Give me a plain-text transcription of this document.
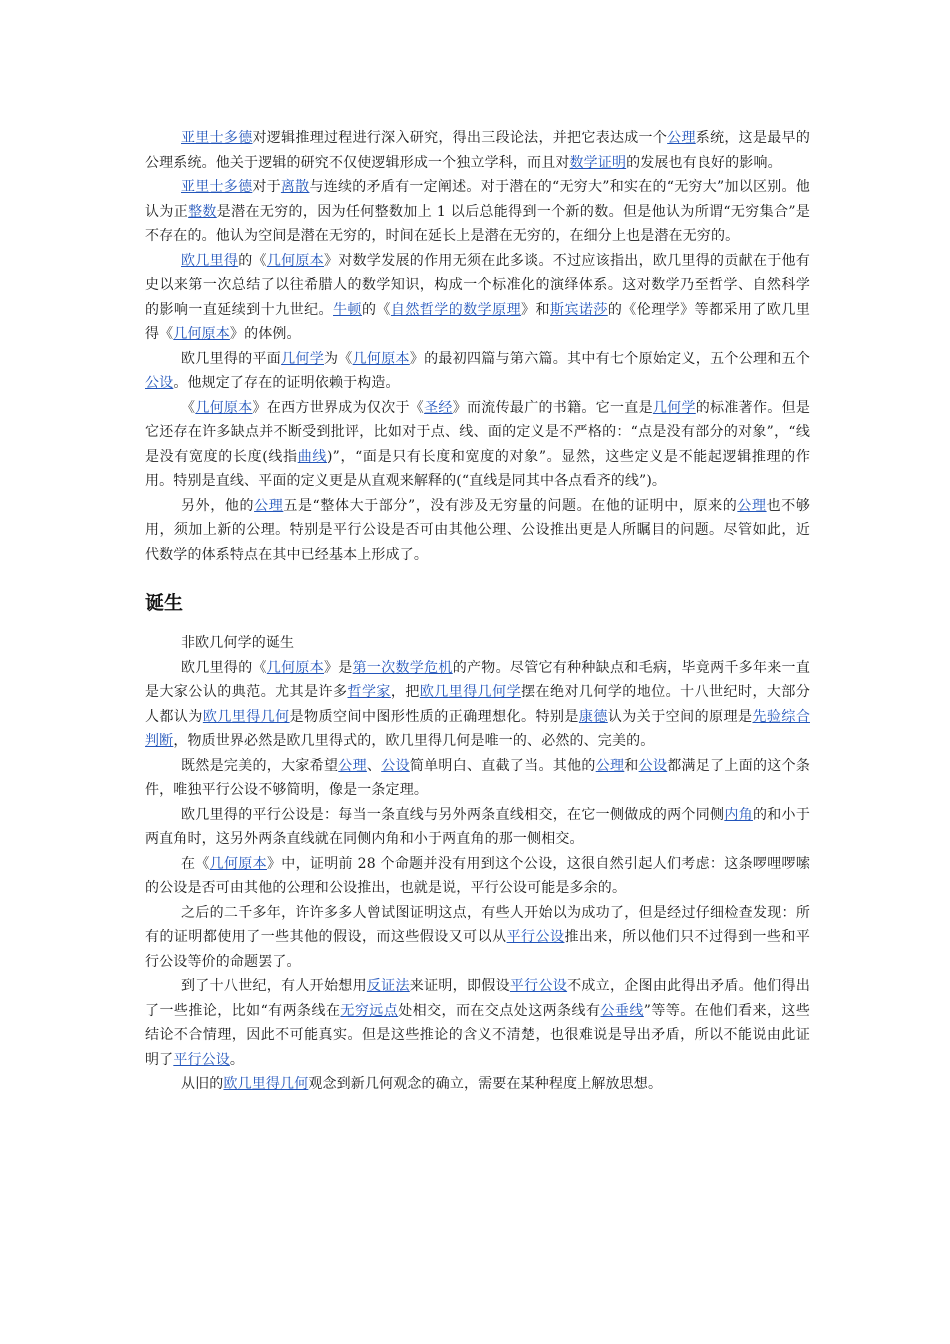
亚里士多德对逻辑推理过程进行深入研究，得出三段论法，并把它表达成一个公理系统，这是最早的公理系统。他关于逻辑的研究不仅使逻辑形成一个独立学科，而且对数学证明的发展也有良好的影响。

亚里士多德对于离散与连续的矛盾有一定阐述。对于潜在的“无穷大”和实在的“无穷大”加以区别。他认为正整数是潜在无穷的，因为任何整数加上 1 以后总能得到一个新的数。但是他认为所谓“无穷集合”是不存在的。他认为空间是潜在无穷的，时间在延长上是潜在无穷的，在细分上也是潜在无穷的。

欧几里得的《几何原本》对数学发展的作用无须在此多谈。不过应该指出，欧几里得的贡献在于他有史以来第一次总结了以往希腊人的数学知识，构成一个标准化的演绎体系。这对数学乃至哲学、自然科学的影响一直延续到十九世纪。牛顿的《自然哲学的数学原理》和斯宾诺莎的《伦理学》等都采用了欧几里得《几何原本》的体例。

欧几里得的平面几何学为《几何原本》的最初四篇与第六篇。其中有七个原始定义，五个公理和五个公设。他规定了存在的证明依赖于构造。

《几何原本》在西方世界成为仅次于《圣经》而流传最广的书籍。它一直是几何学的标准著作。但是它还存在许多缺点并不断受到批评，比如对于点、线、面的定义是不严格的：“点是没有部分的对象”，“线是没有宽度的长度(线指曲线)”，“面是只有长度和宽度的对象”。显然，这些定义是不能起逻辑推理的作用。特别是直线、平面的定义更是从直观来解释的(“直线是同其中各点看齐的线”)。

另外，他的公理五是“整体大于部分”，没有涉及无穷量的问题。在他的证明中，原来的公理也不够用，须加上新的公理。特别是平行公设是否可由其他公理、公设推出更是人所瞩目的问题。尽管如此，近代数学的体系特点在其中已经基本上形成了。

诞生

非欧几何学的诞生

欧几里得的《几何原本》是第一次数学危机的产物。尽管它有种种缺点和毛病，毕竟两千多年来一直是大家公认的典范。尤其是许多哲学家，把欧几里得几何学摆在绝对几何学的地位。十八世纪时，大部分人都认为欧几里得几何是物质空间中图形性质的正确理想化。特别是康德认为关于空间的原理是先验综合判断，物质世界必然是欧几里得式的，欧几里得几何是唯一的、必然的、完美的。

既然是完美的，大家希望公理、公设简单明白、直截了当。其他的公理和公设都满足了上面的这个条件，唯独平行公设不够简明，像是一条定理。

欧几里得的平行公设是：每当一条直线与另外两条直线相交，在它一侧做成的两个同侧内角的和小于两直角时，这另外两条直线就在同侧内角和小于两直角的那一侧相交。

在《几何原本》中，证明前 28 个命题并没有用到这个公设，这很自然引起人们考虑：这条啰哩啰嗦的公设是否可由其他的公理和公设推出，也就是说，平行公设可能是多余的。

之后的二千多年，许许多多人曾试图证明这点，有些人开始以为成功了，但是经过仔细检查发现：所有的证明都使用了一些其他的假设，而这些假设又可以从平行公设推出来，所以他们只不过得到一些和平行公设等价的命题罢了。

到了十八世纪，有人开始想用反证法来证明，即假设平行公设不成立，企图由此得出矛盾。他们得出了一些推论，比如“有两条线在无穷远点处相交，而在交点处这两条线有公垂线”等等。在他们看来，这些结论不合情理，因此不可能真实。但是这些推论的含义不清楚，也很难说是导出矛盾，所以不能说由此证明了平行公设。

从旧的欧几里得几何观念到新几何观念的确立，需要在某种程度上解放思想。
